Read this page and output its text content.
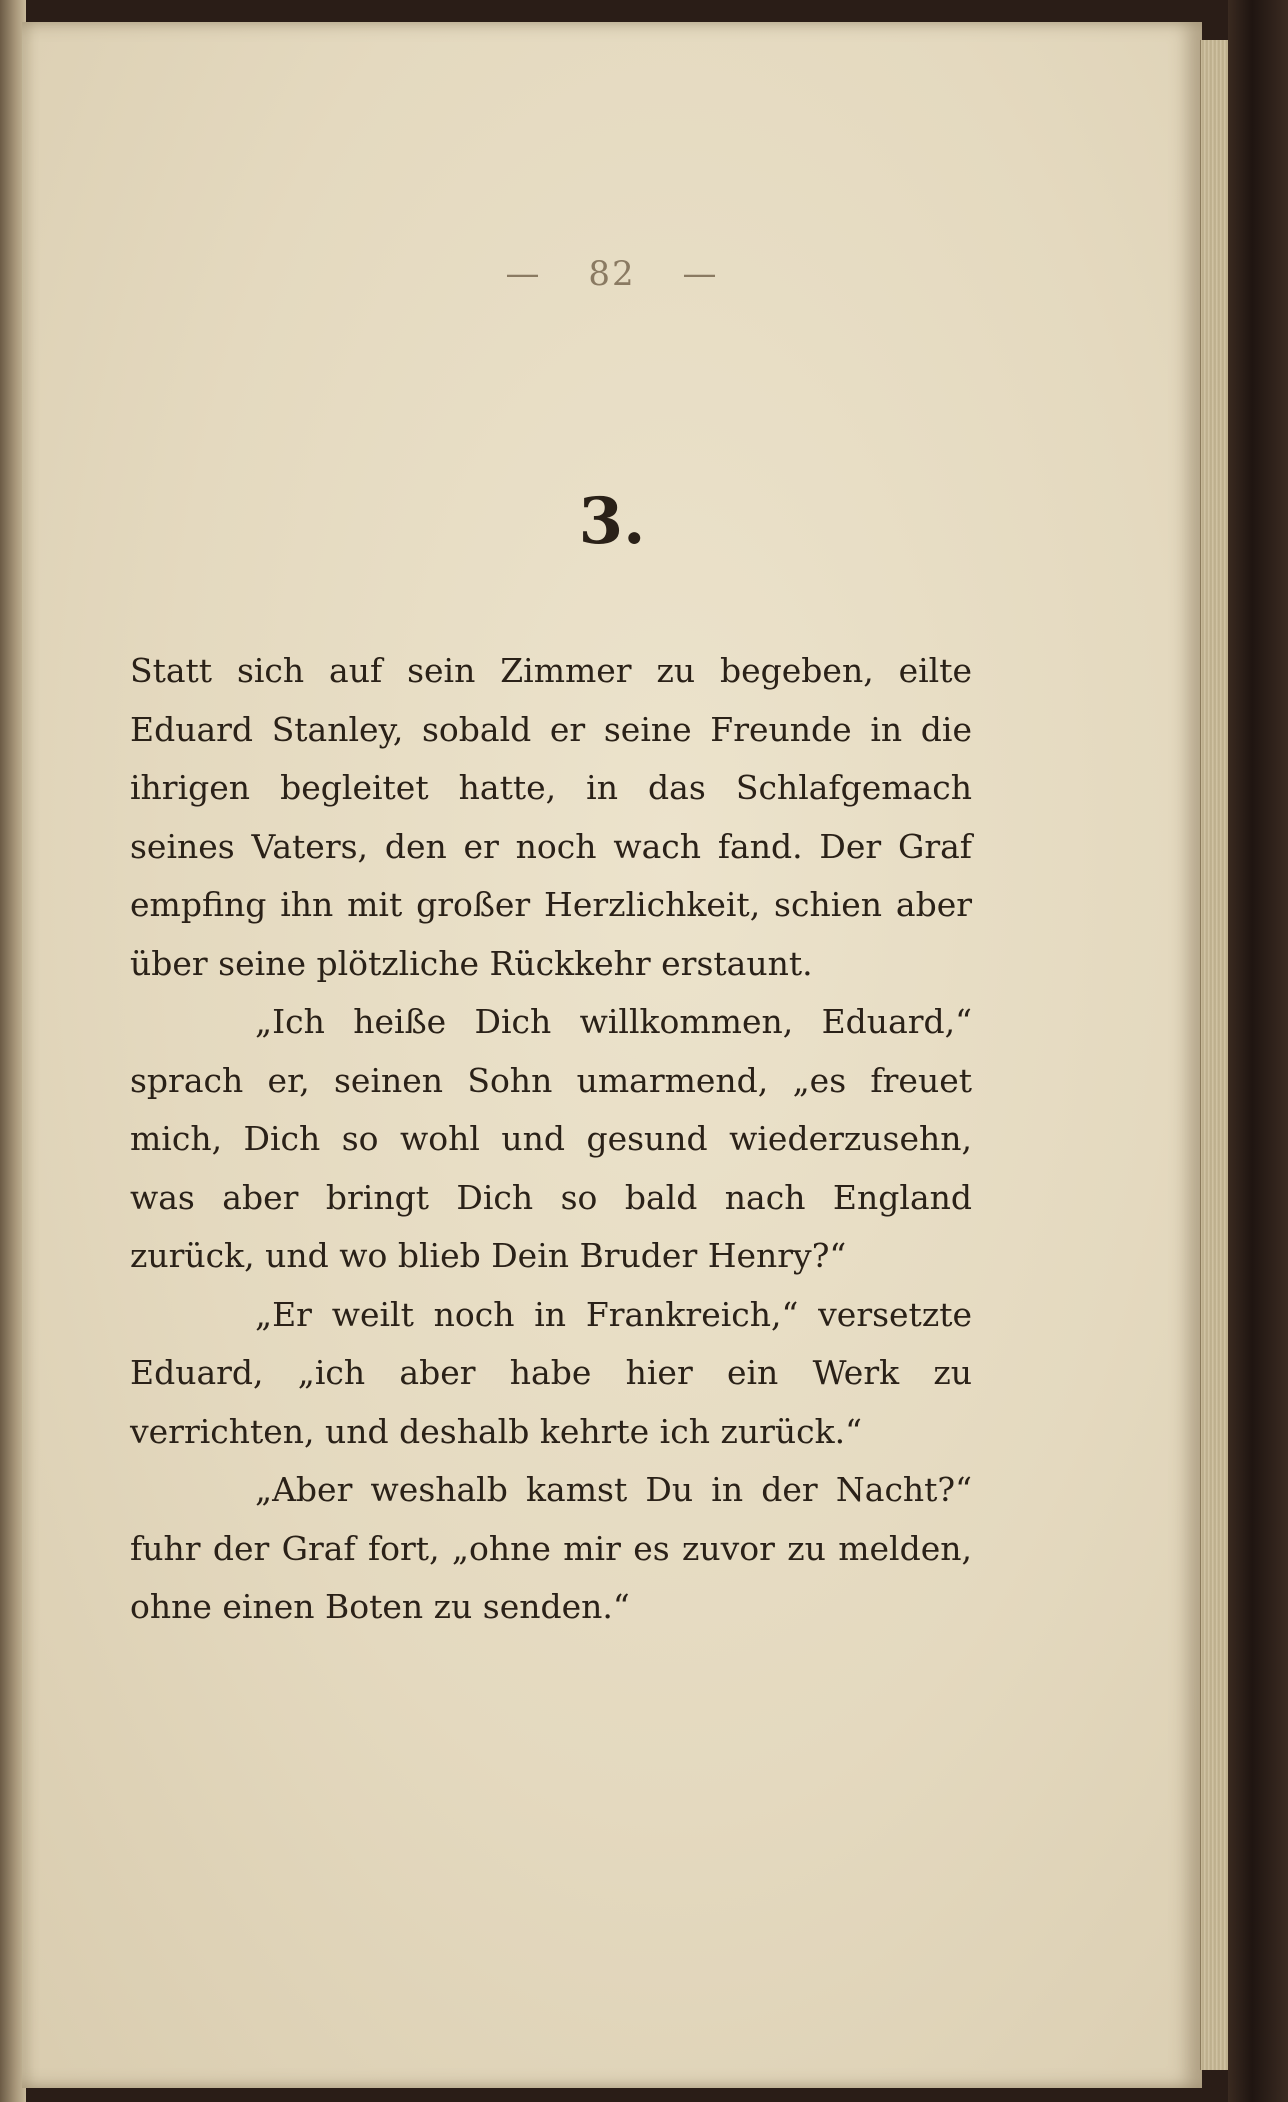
— 82 —
3.

Statt sich auf sein Zimmer zu begeben, eilte Eduard Stanley, sobald er seine Freunde in die ihrigen begleitet hatte, in das Schlafgemach seines Vaters, den er noch wach fand. Der Graf empfing ihn mit großer Herzlichkeit, schien aber über seine plötzliche Rückkehr erstaunt.

„Ich heiße Dich willkommen, Eduard,“ sprach er, seinen Sohn umarmend, „es freuet mich, Dich so wohl und gesund wiederzusehn, was aber bringt Dich so bald nach England zurück, und wo blieb Dein Bruder Henry?“

„Er weilt noch in Frankreich,“ versetzte Eduard, „ich aber habe hier ein Werk zu verrichten, und deshalb kehrte ich zurück.“

„Aber weshalb kamst Du in der Nacht?“ fuhr der Graf fort, „ohne mir es zuvor zu melden, ohne einen Boten zu senden.“
